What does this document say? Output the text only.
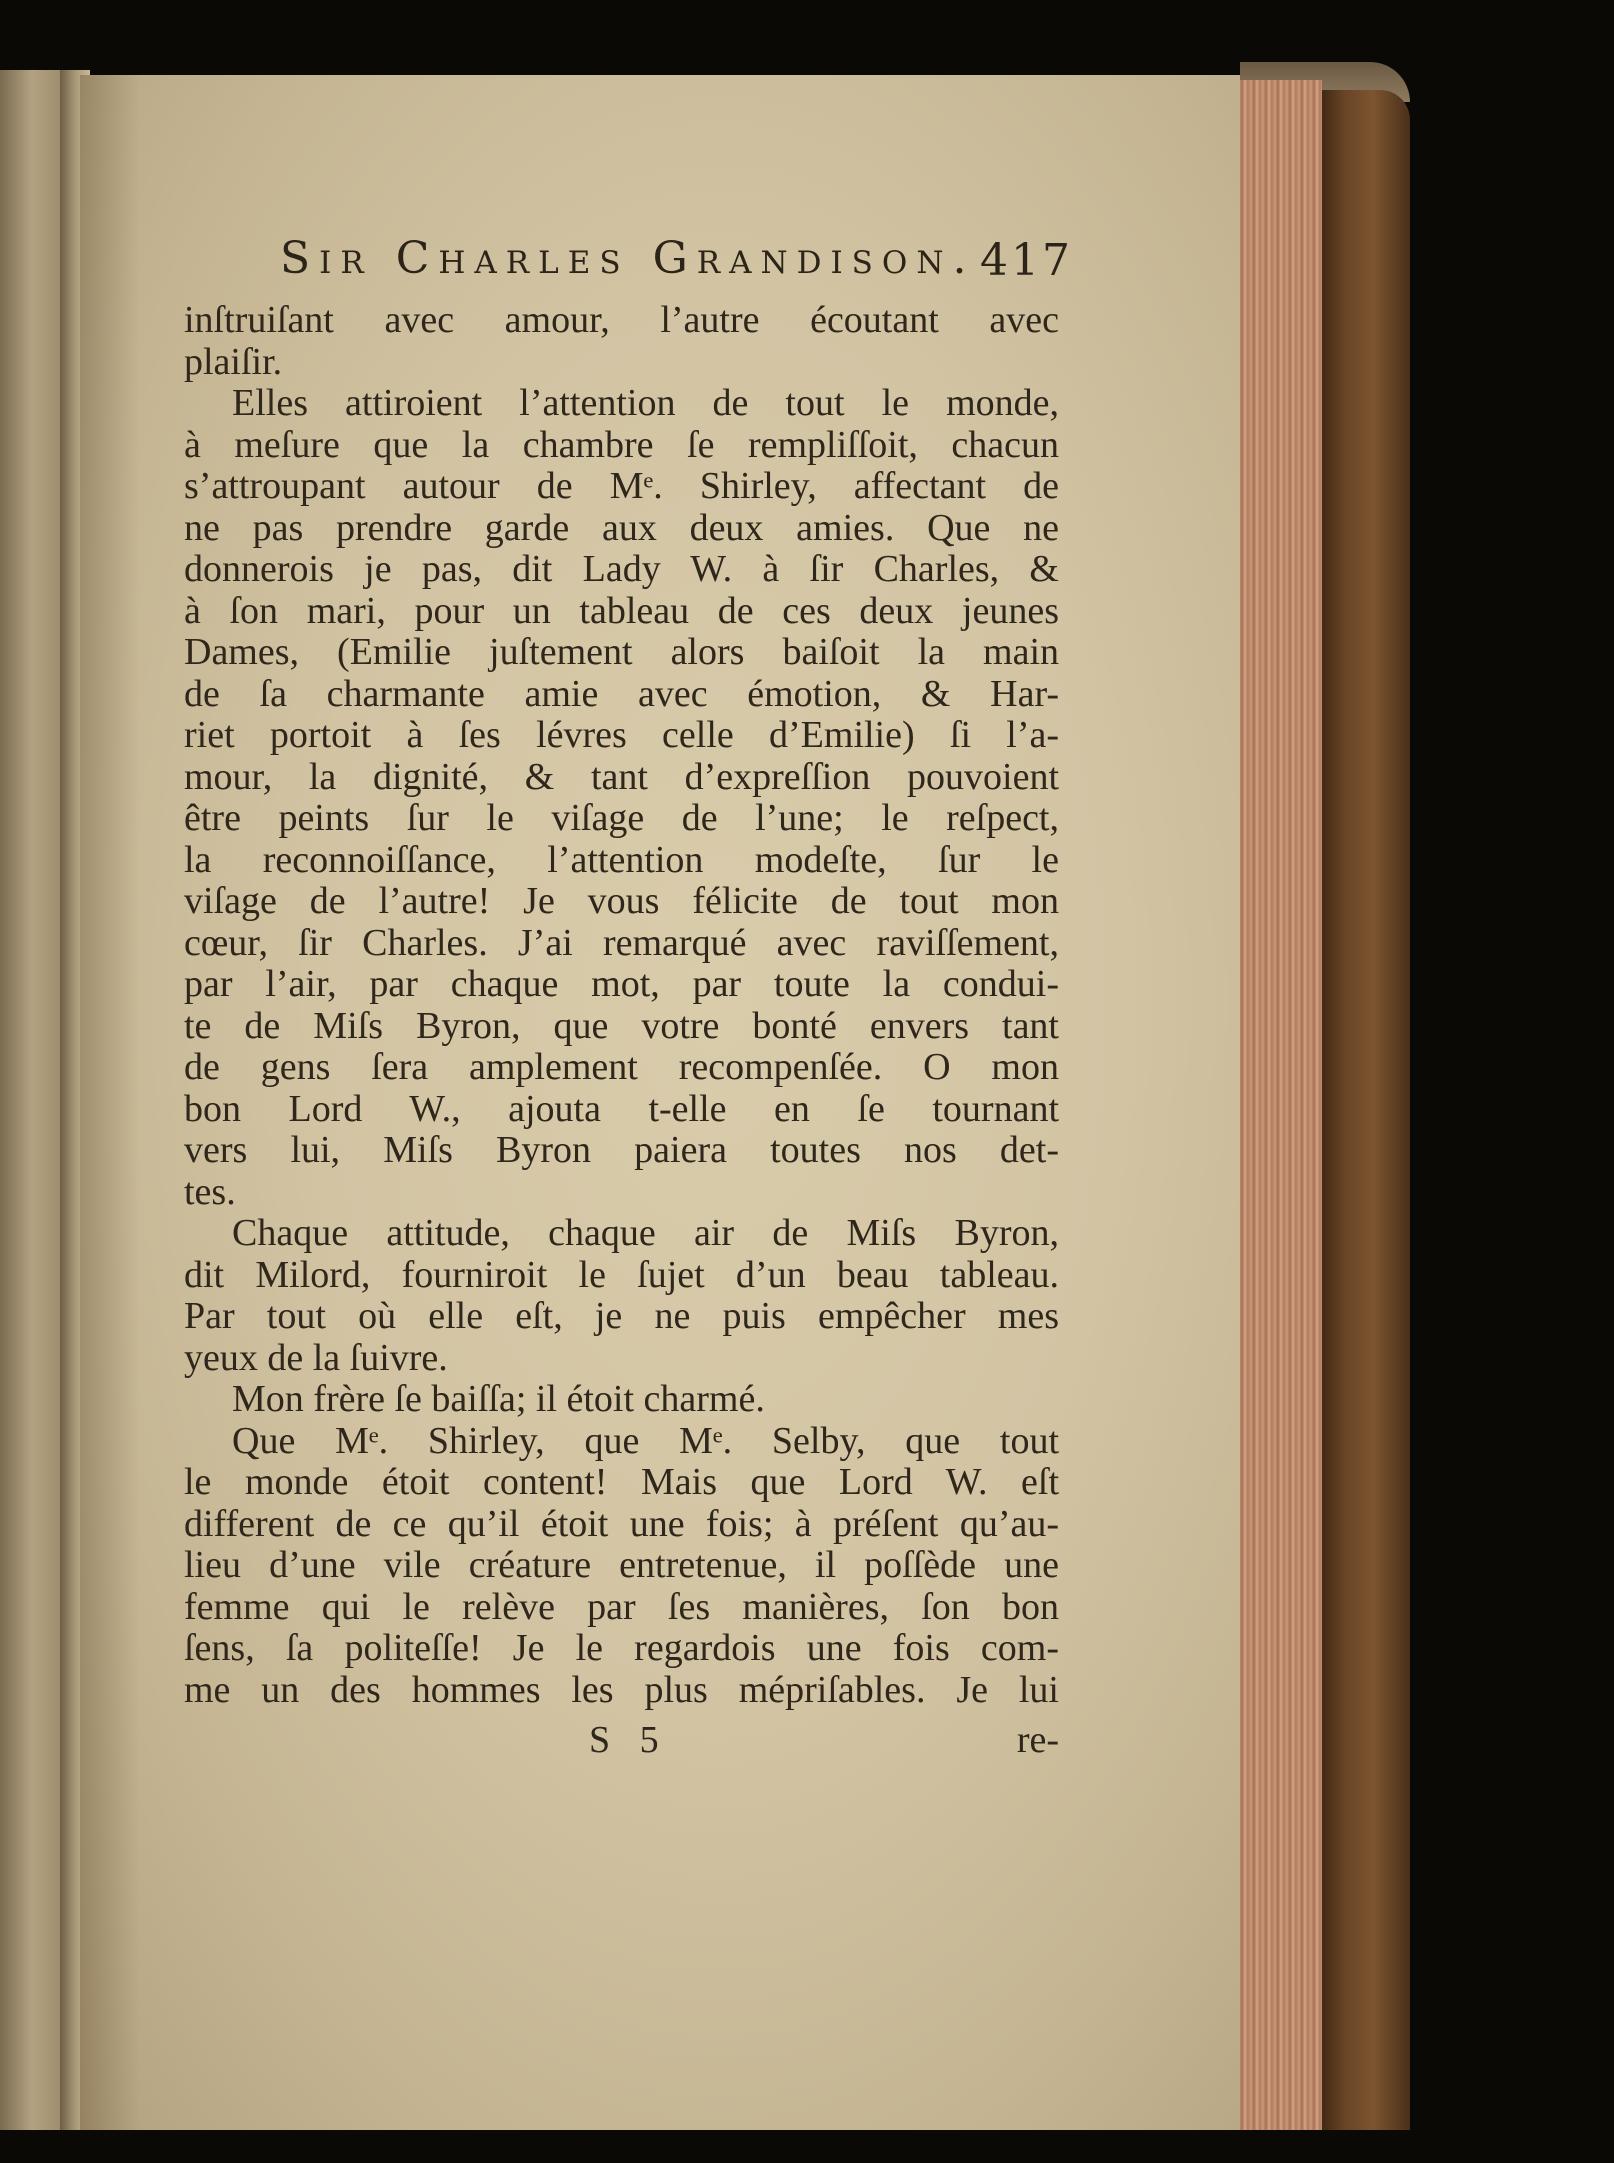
Sir Charles Grandison. 417
inſtruiſant avec amour, l’autre écoutant avec
plaiſir.
Elles attiroient l’attention de tout le monde,
à meſure que la chambre ſe rempliſſoit, chacun
s’attroupant autour de Mᵉ. Shirley, affectant de
ne pas prendre garde aux deux amies. Que ne
donnerois je pas, dit Lady W. à ſir Charles, &
à ſon mari, pour un tableau de ces deux jeunes
Dames, (Emilie juſtement alors baiſoit la main
de ſa charmante amie avec émotion, & Har-
riet portoit à ſes lévres celle d’Emilie) ſi l’a-
mour, la dignité, & tant d’expreſſion pouvoient
être peints ſur le viſage de l’une; le reſpect,
la reconnoiſſance, l’attention modeſte, ſur le
viſage de l’autre! Je vous félicite de tout mon
cœur, ſir Charles. J’ai remarqué avec raviſſement,
par l’air, par chaque mot, par toute la condui-
te de Miſs Byron, que votre bonté envers tant
de gens ſera amplement recompenſée. O mon
bon Lord W., ajouta t-elle en ſe tournant
vers lui, Miſs Byron paiera toutes nos det-
tes.
Chaque attitude, chaque air de Miſs Byron,
dit Milord, fourniroit le ſujet d’un beau tableau.
Par tout où elle eſt, je ne puis empêcher mes
yeux de la ſuivre.
Mon frère ſe baiſſa; il étoit charmé.
Que Mᵉ. Shirley, que Mᵉ. Selby, que tout
le monde étoit content! Mais que Lord W. eſt
different de ce qu’il étoit une fois; à préſent qu’au-
lieu d’une vile créature entretenue, il poſſède une
femme qui le relève par ſes manières, ſon bon
ſens, ſa politeſſe! Je le regardois une fois com-
me un des hommes les plus mépriſables. Je lui
S 5	re-
